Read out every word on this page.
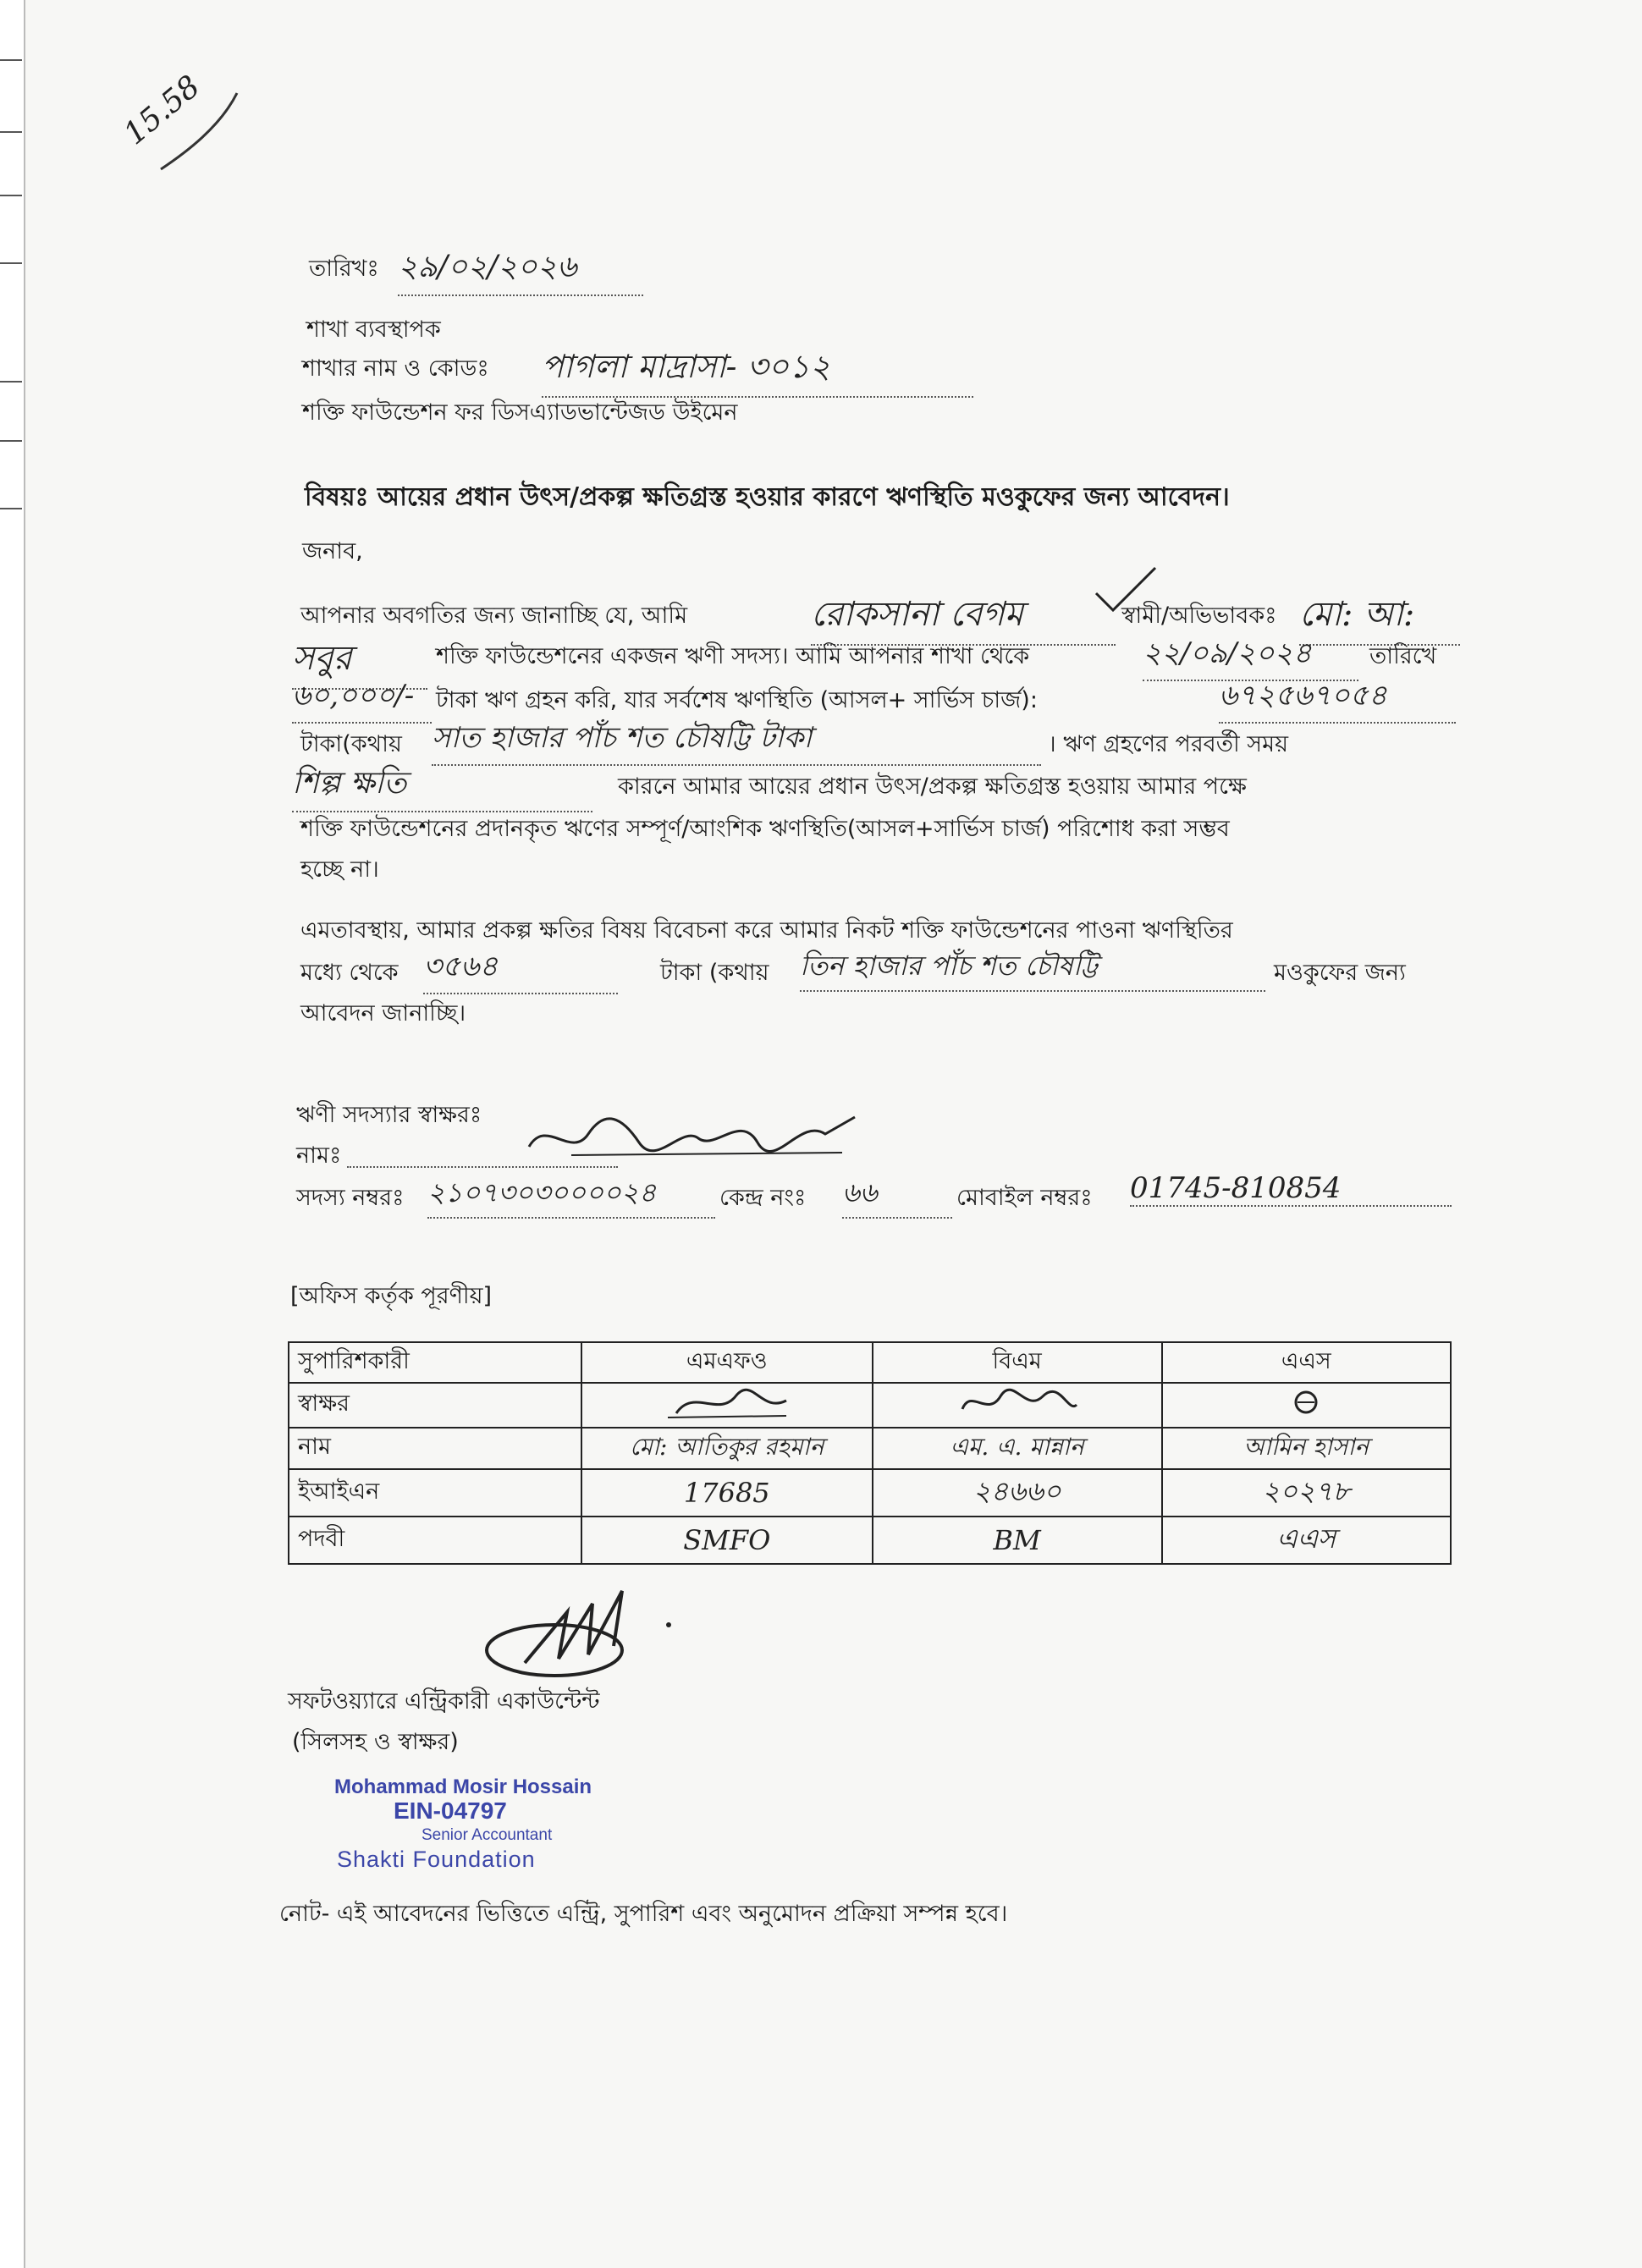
15.58
তারিখঃ ২৯/০২/২০২৬
শাখা ব্যবস্থাপক
শাখার নাম ও কোডঃ পাগলা মাদ্রাসা- ৩০১২
শক্তি ফাউন্ডেশন ফর ডিসএ্যাডভান্টেজড উইমেন
বিষয়ঃ আয়ের প্রধান উৎস/প্রকল্প ক্ষতিগ্রস্ত হওয়ার কারণে ঋণস্থিতি মওকুফের জন্য আবেদন।
জনাব,
আপনার অবগতির জন্য জানাচ্ছি যে, আমি	রোকসানা বেগম	স্বামী/অভিভাবকঃ মো: আ:
সবুর	শক্তি ফাউন্ডেশনের একজন ঋণী সদস্য। আমি আপনার শাখা থেকে	২২/০৯/২০২৪	তারিখে
৬০,০০০/- টাকা ঋণ গ্রহন করি, যার সর্বশেষ ঋণস্থিতি (আসল+ সার্ভিস চার্জ):	৬৭২৫৬৭০৫৪
টাকা(কথায় সাত হাজার পাঁচ শত চৌষট্টি টাকা	। ঋণ গ্রহণের পরবর্তী সময়
শিল্প ক্ষতি	কারনে আমার আয়ের প্রধান উৎস/প্রকল্প ক্ষতিগ্রস্ত হওয়ায় আমার পক্ষে
শক্তি ফাউন্ডেশনের প্রদানকৃত ঋণের সম্পূর্ণ/আংশিক ঋণস্থিতি(আসল+সার্ভিস চার্জ) পরিশোধ করা সম্ভব
হচ্ছে না।
এমতাবস্থায়, আমার প্রকল্প ক্ষতির বিষয় বিবেচনা করে আমার নিকট শক্তি ফাউন্ডেশনের পাওনা ঋণস্থিতির
মধ্যে থেকে ৩৫৬৪	টাকা (কথায় তিন হাজার পাঁচ শত চৌষট্টি	মওকুফের জন্য
আবেদন জানাচ্ছি।
ঋণী সদস্যার স্বাক্ষরঃ
নামঃ
সদস্য নম্বরঃ ২১০৭৩০৩০০০০২৪	কেন্দ্র নংঃ ৬৬	মোবাইল নম্বরঃ 01745-810854
[অফিস কর্তৃক পূরণীয়]
সুপারিশকারী	এমএফও	বিএম	এএস
স্বাক্ষর			
নাম	মো: আতিকুর রহমান	এম. এ. মান্নান	আমিন হাসান
ইআইএন	17685	২৪৬৬০	২০২৭৮
পদবী	SMFO	BM	এএস
সফটওয়্যারে এন্ট্রিকারী একাউন্টেন্ট
(সিলসহ ও স্বাক্ষর)
Mohammad Mosir Hossain
EIN-04797
Senior Accountant
Shakti Foundation
নোট- এই আবেদনের ভিত্তিতে এন্ট্রি, সুপারিশ এবং অনুমোদন প্রক্রিয়া সম্পন্ন হবে।
